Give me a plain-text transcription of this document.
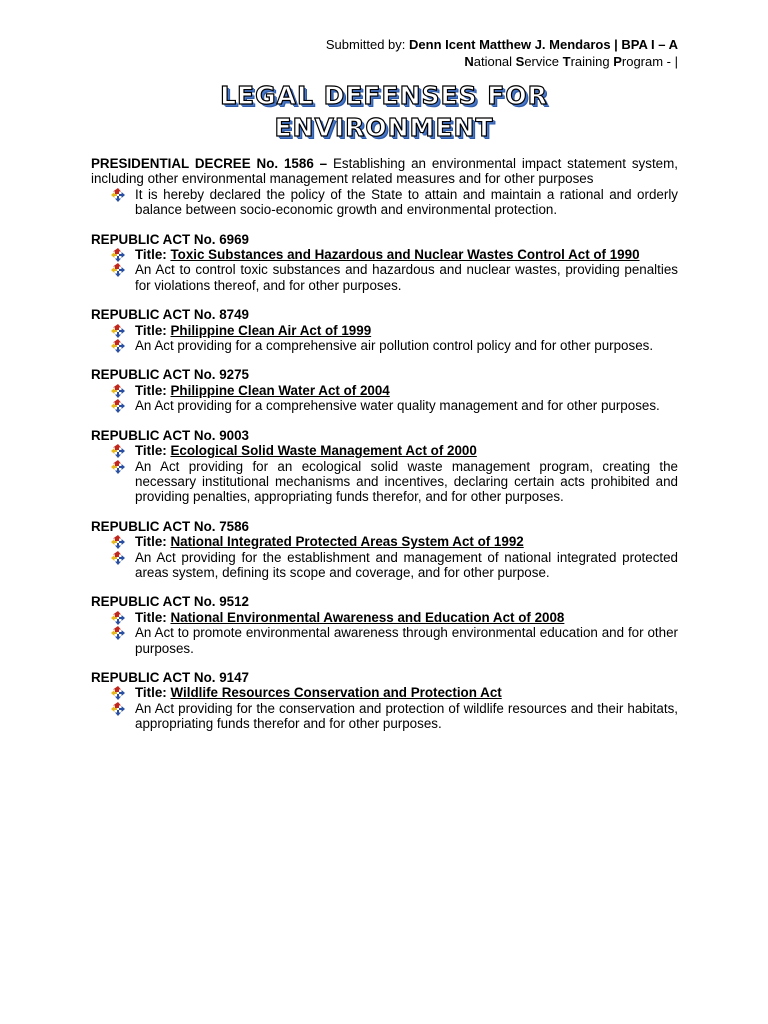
Submitted by: Denn Icent Matthew J. Mendaros | BPA I – A
National Service Training Program - |
LEGAL DEFENSES FOR
ENVIRONMENT
PRESIDENTIAL DECREE No. 1586 – Establishing an environmental impact statement system, including other environmental management related measures and for other purposes
It is hereby declared the policy of the State to attain and maintain a rational and orderly balance between socio-economic growth and environmental protection.
REPUBLIC ACT No. 6969
Title: Toxic Substances and Hazardous and Nuclear Wastes Control Act of 1990
An Act to control toxic substances and hazardous and nuclear wastes, providing penalties for violations thereof, and for other purposes.
REPUBLIC ACT No. 8749
Title: Philippine Clean Air Act of 1999
An Act providing for a comprehensive air pollution control policy and for other purposes.
REPUBLIC ACT No. 9275
Title: Philippine Clean Water Act of 2004
An Act providing for a comprehensive water quality management and for other purposes.
REPUBLIC ACT No. 9003
Title: Ecological Solid Waste Management Act of 2000
An Act providing for an ecological solid waste management program, creating the necessary institutional mechanisms and incentives, declaring certain acts prohibited and providing penalties, appropriating funds therefor, and for other purposes.
REPUBLIC ACT No. 7586
Title: National Integrated Protected Areas System Act of 1992
An Act providing for the establishment and management of national integrated protected areas system, defining its scope and coverage, and for other purpose.
REPUBLIC ACT No. 9512
Title: National Environmental Awareness and Education Act of 2008
An Act to promote environmental awareness through environmental education and for other purposes.
REPUBLIC ACT No. 9147
Title: Wildlife Resources Conservation and Protection Act
An Act providing for the conservation and protection of wildlife resources and their habitats, appropriating funds therefor and for other purposes.
